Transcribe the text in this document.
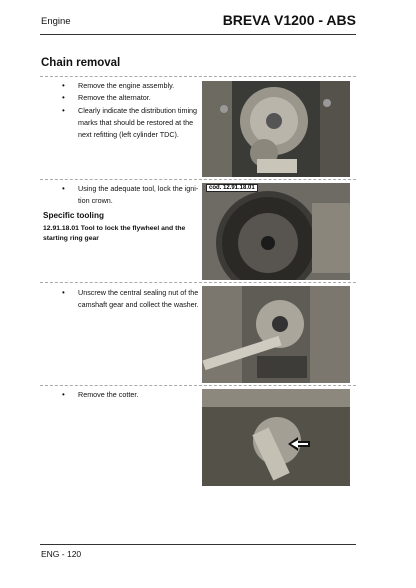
Engine	BREVA V1200 - ABS
Chain removal
• Remove the engine assembly.
• Remove the alternator.
• Clearly indicate the distribution timing marks that should be restored at the next refitting (left cylinder TDC).
• Using the adequate tool, lock the igni-tion crown.
Specific tooling
12.91.18.01 Tool to lock the flywheel and the starting ring gear
cod. 12.91.18.01
• Unscrew the central sealing nut of the camshaft gear and collect the washer.
• Remove the cotter.
ENG - 120
